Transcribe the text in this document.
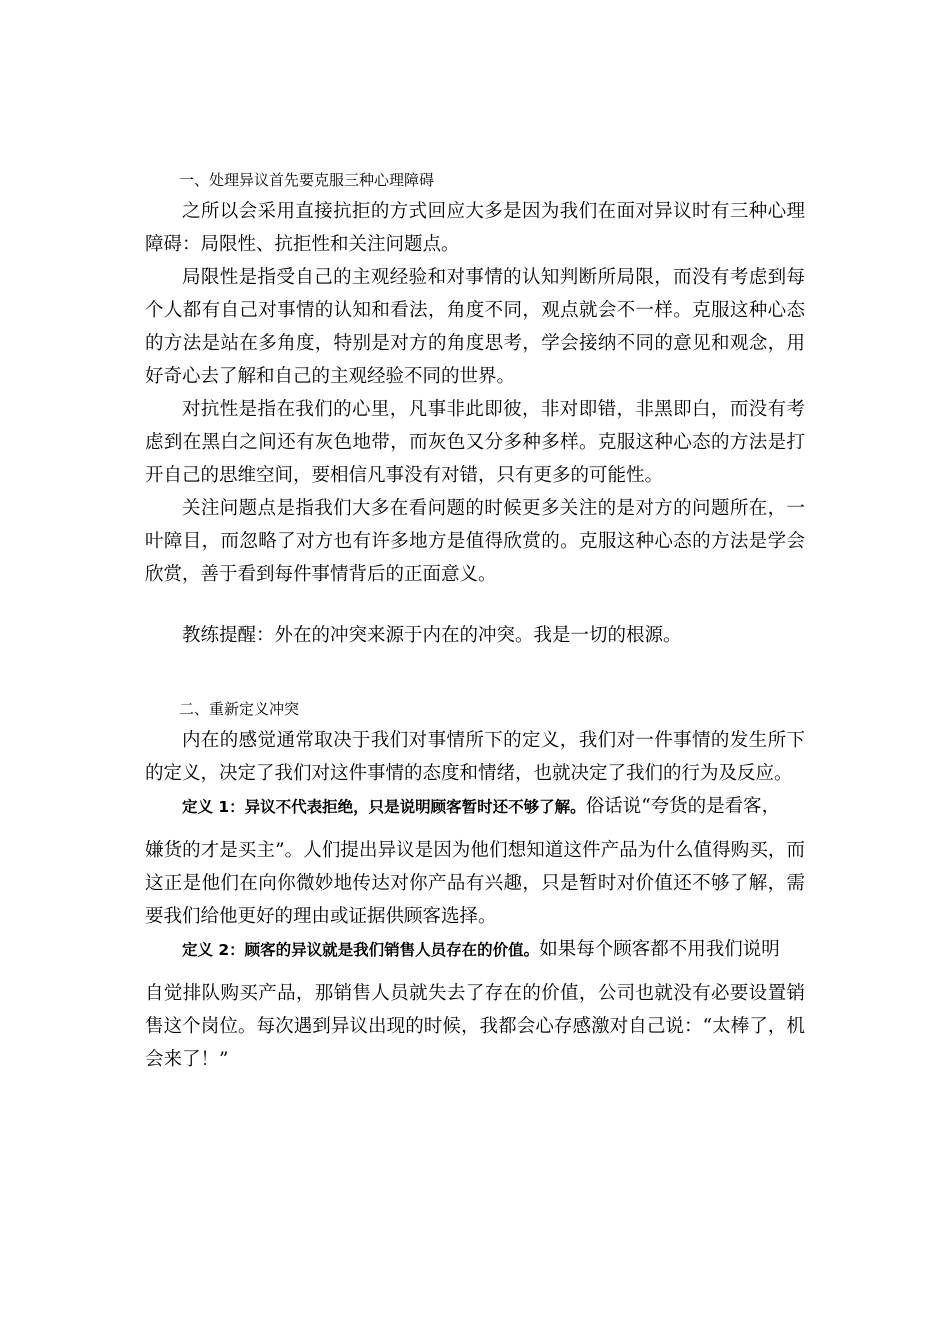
一、处理异议首先要克服三种心理障碍

之所以会采用直接抗拒的方式回应大多是因为我们在面对异议时有三种心理障碍：局限性、抗拒性和关注问题点。

局限性是指受自己的主观经验和对事情的认知判断所局限，而没有考虑到每个人都有自己对事情的认知和看法，角度不同，观点就会不一样。克服这种心态的方法是站在多角度，特别是对方的角度思考，学会接纳不同的意见和观念，用好奇心去了解和自己的主观经验不同的世界。

对抗性是指在我们的心里，凡事非此即彼，非对即错，非黑即白，而没有考虑到在黑白之间还有灰色地带，而灰色又分多种多样。克服这种心态的方法是打开自己的思维空间，要相信凡事没有对错，只有更多的可能性。

关注问题点是指我们大多在看问题的时候更多关注的是对方的问题所在，一叶障目，而忽略了对方也有许多地方是值得欣赏的。克服这种心态的方法是学会欣赏，善于看到每件事情背后的正面意义。

教练提醒：外在的冲突来源于内在的冲突。我是一切的根源。

二、重新定义冲突

内在的感觉通常取决于我们对事情所下的定义，我们对一件事情的发生所下的定义，决定了我们对这件事情的态度和情绪，也就决定了我们的行为及反应。

定义 1：异议不代表拒绝，只是说明顾客暂时还不够了解。俗话说“夸货的是看客，

嫌货的才是买主”。人们提出异议是因为他们想知道这件产品为什么值得购买，而这正是他们在向你微妙地传达对你产品有兴趣，只是暂时对价值还不够了解，需要我们给他更好的理由或证据供顾客选择。

定义 2：顾客的异议就是我们销售人员存在的价值。如果每个顾客都不用我们说明

自觉排队购买产品，那销售人员就失去了存在的价值，公司也就没有必要设置销售这个岗位。每次遇到异议出现的时候，我都会心存感激对自己说：“太棒了，机会来了！”
